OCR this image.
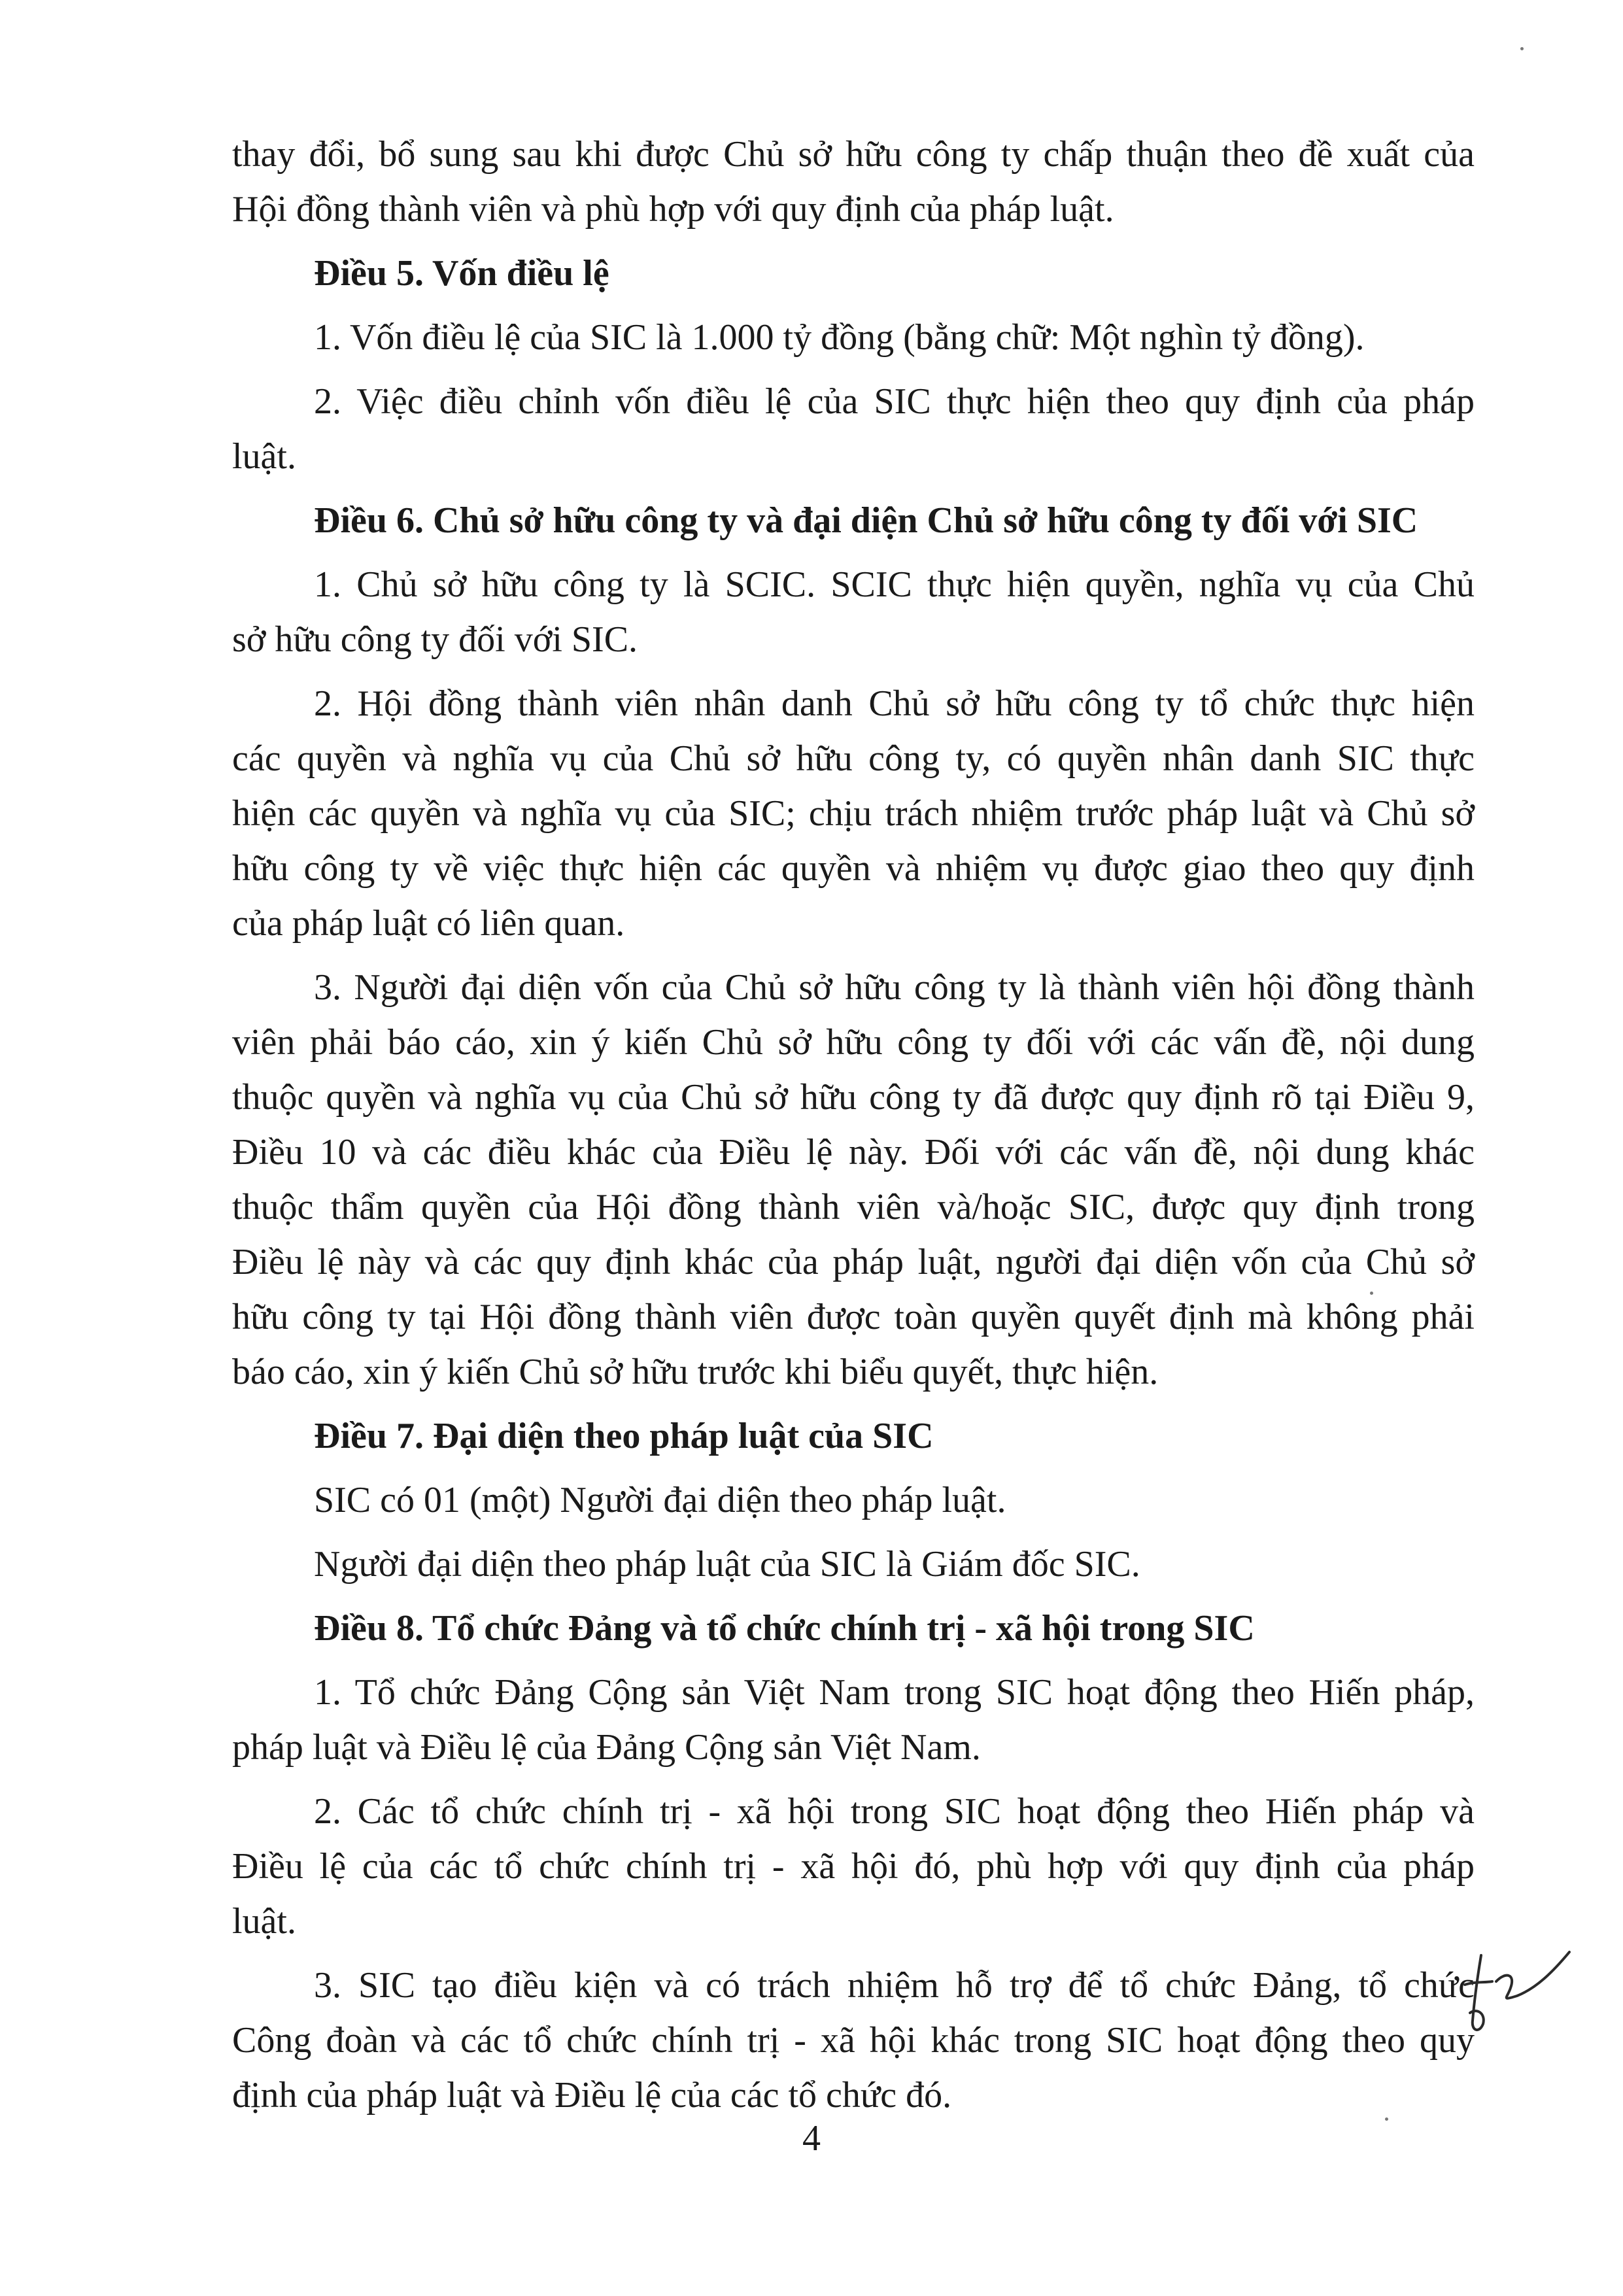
thay đổi, bổ sung sau khi được Chủ sở hữu công ty chấp thuận theo đề xuất của
Hội đồng thành viên và phù hợp với quy định của pháp luật.
Điều 5. Vốn điều lệ
1. Vốn điều lệ của SIC là 1.000 tỷ đồng (bằng chữ: Một nghìn tỷ đồng).
2. Việc điều chỉnh vốn điều lệ của SIC thực hiện theo quy định của pháp
luật.
Điều 6. Chủ sở hữu công ty và đại diện Chủ sở hữu công ty đối với SIC
1. Chủ sở hữu công ty là SCIC. SCIC thực hiện quyền, nghĩa vụ của Chủ
sở hữu công ty đối với SIC.
2. Hội đồng thành viên nhân danh Chủ sở hữu công ty tổ chức thực hiện
các quyền và nghĩa vụ của Chủ sở hữu công ty, có quyền nhân danh SIC thực
hiện các quyền và nghĩa vụ của SIC; chịu trách nhiệm trước pháp luật và Chủ sở
hữu công ty về việc thực hiện các quyền và nhiệm vụ được giao theo quy định
của pháp luật có liên quan.
3. Người đại diện vốn của Chủ sở hữu công ty là thành viên hội đồng thành
viên phải báo cáo, xin ý kiến Chủ sở hữu công ty đối với các vấn đề, nội dung
thuộc quyền và nghĩa vụ của Chủ sở hữu công ty đã được quy định rõ tại Điều 9,
Điều 10 và các điều khác của Điều lệ này. Đối với các vấn đề, nội dung khác
thuộc thẩm quyền của Hội đồng thành viên và/hoặc SIC, được quy định trong
Điều lệ này và các quy định khác của pháp luật, người đại diện vốn của Chủ sở
hữu công ty tại Hội đồng thành viên được toàn quyền quyết định mà không phải
báo cáo, xin ý kiến Chủ sở hữu trước khi biểu quyết, thực hiện.
Điều 7. Đại diện theo pháp luật của SIC
SIC có 01 (một) Người đại diện theo pháp luật.
Người đại diện theo pháp luật của SIC là Giám đốc SIC.
Điều 8. Tổ chức Đảng và tổ chức chính trị - xã hội trong SIC
1. Tổ chức Đảng Cộng sản Việt Nam trong SIC hoạt động theo Hiến pháp,
pháp luật và Điều lệ của Đảng Cộng sản Việt Nam.
2. Các tổ chức chính trị - xã hội trong SIC hoạt động theo Hiến pháp và
Điều lệ của các tổ chức chính trị - xã hội đó, phù hợp với quy định của pháp
luật.
3. SIC tạo điều kiện và có trách nhiệm hỗ trợ để tổ chức Đảng, tổ chức
Công đoàn và các tổ chức chính trị - xã hội khác trong SIC hoạt động theo quy
định của pháp luật và Điều lệ của các tổ chức đó.
4
